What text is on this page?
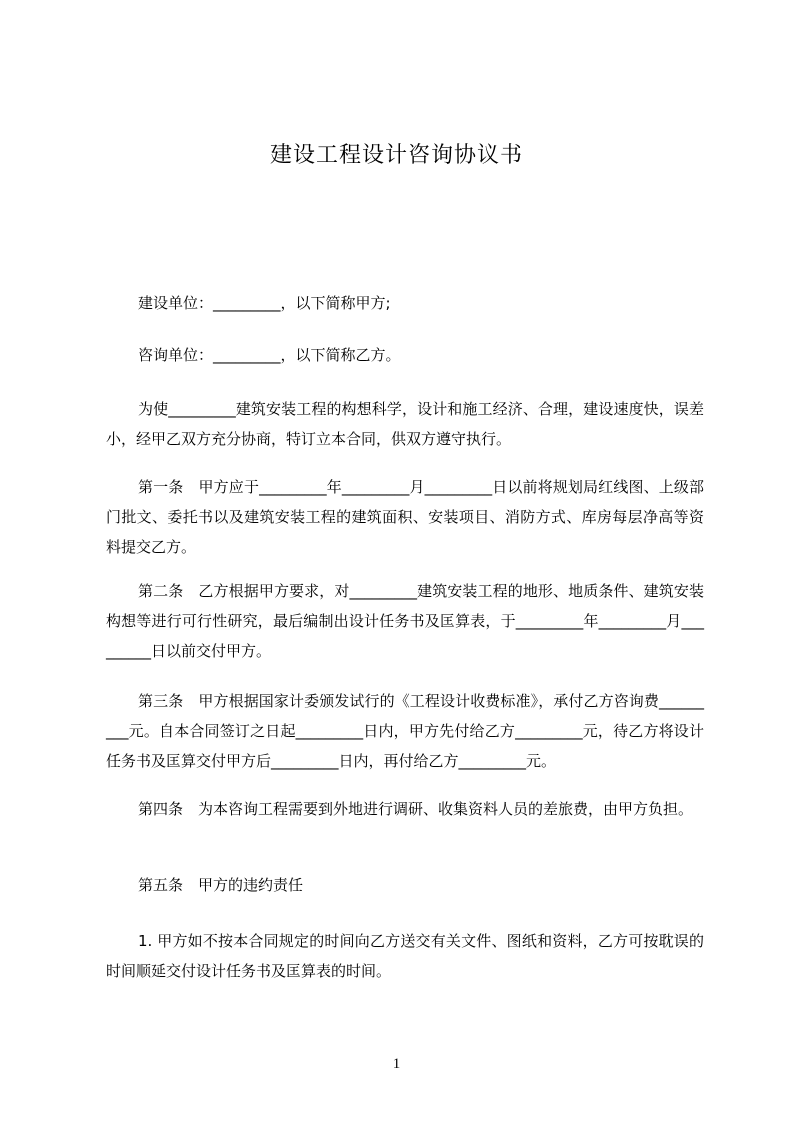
建设工程设计咨询协议书

建设单位：_________，以下简称甲方;

咨询单位：_________，以下简称乙方。

为使_________建筑安装工程的构想科学，设计和施工经济、合理，建设速度快，误差小，经甲乙双方充分协商，特订立本合同，供双方遵守执行。

第一条　甲方应于_________年_________月_________日以前将规划局红线图、上级部门批文、委托书以及建筑安装工程的建筑面积、安装项目、消防方式、库房每层净高等资料提交乙方。

第二条　乙方根据甲方要求，对_________建筑安装工程的地形、地质条件、建筑安装构想等进行可行性研究，最后编制出设计任务书及匡算表，于_________年_________月_________日以前交付甲方。

第三条　甲方根据国家计委颁发试行的《工程设计收费标准》，承付乙方咨询费_________元。自本合同签订之日起_________日内，甲方先付给乙方_________元，待乙方将设计任务书及匡算交付甲方后_________日内，再付给乙方_________元。

第四条　为本咨询工程需要到外地进行调研、收集资料人员的差旅费，由甲方负担。

第五条　甲方的违约责任

1. 甲方如不按本合同规定的时间向乙方送交有关文件、图纸和资料，乙方可按耽误的时间顺延交付设计任务书及匡算表的时间。

1
